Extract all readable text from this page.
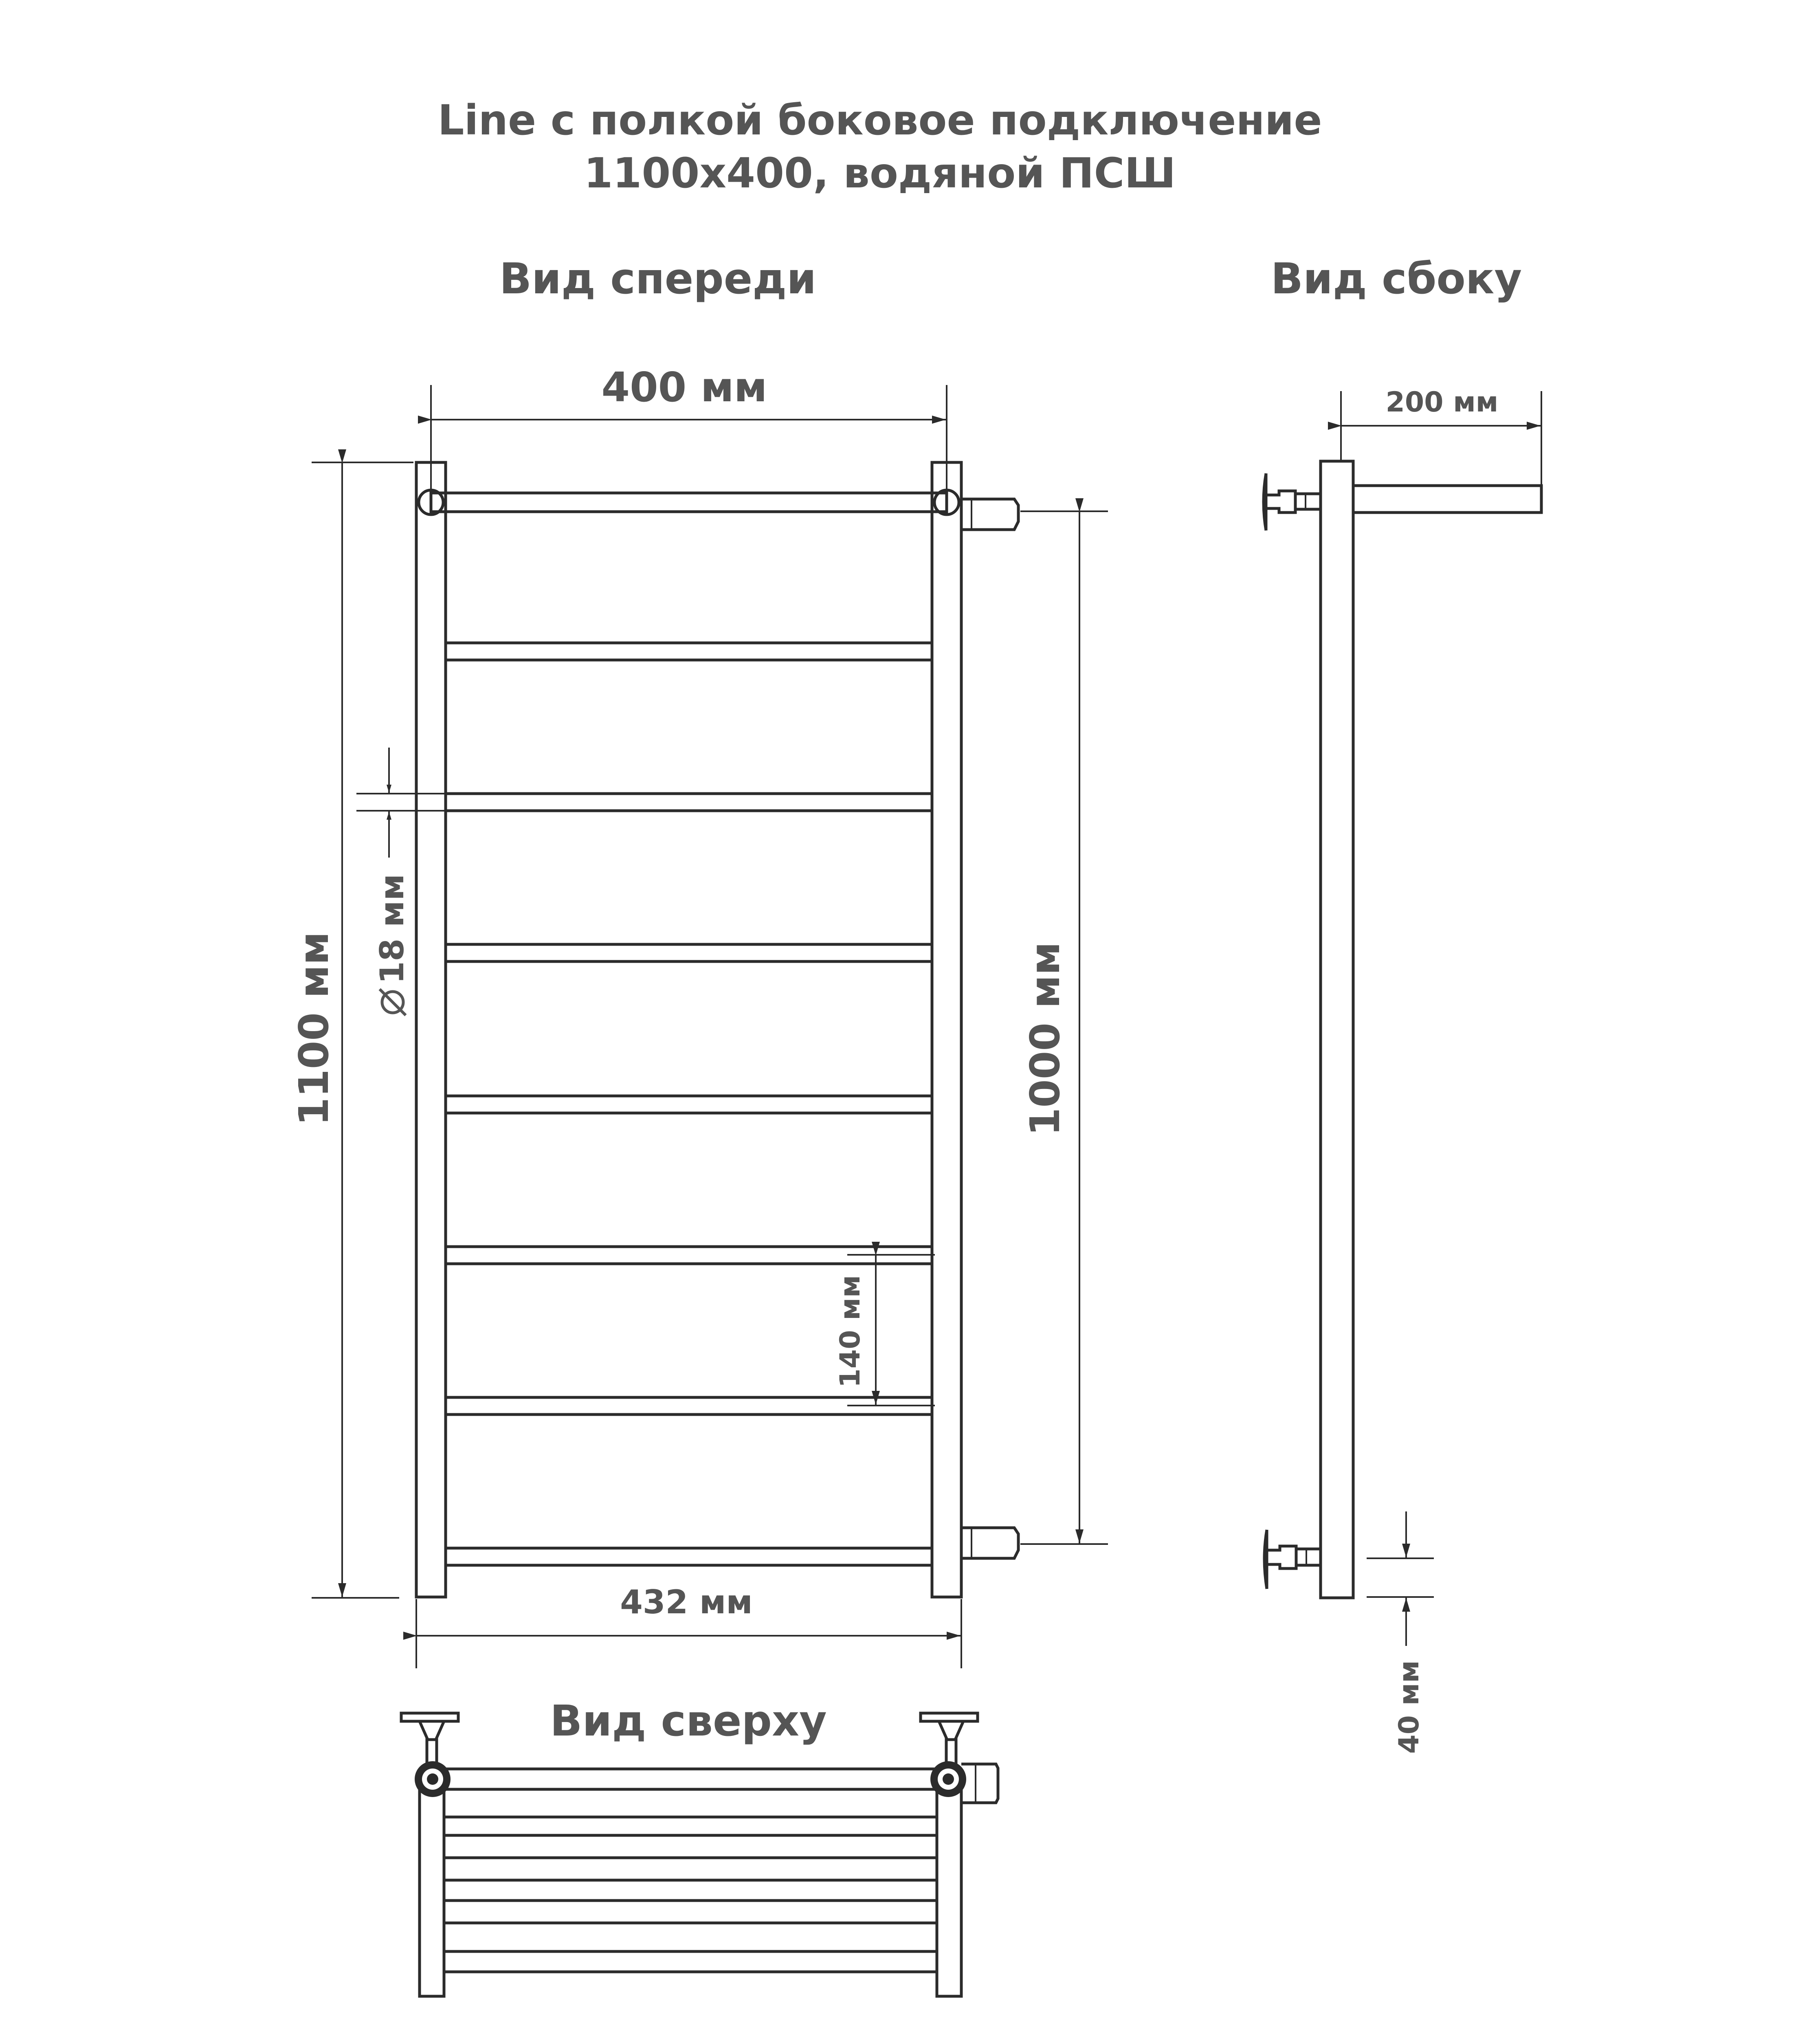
Line с полкой боковое подключение
1100х400, водяной ПСШ
Вид спереди	Вид сбоку
Вид сверху
400 мм
1100 мм
18 мм
1000 мм
140 мм
432 мм
200 мм
40 мм
